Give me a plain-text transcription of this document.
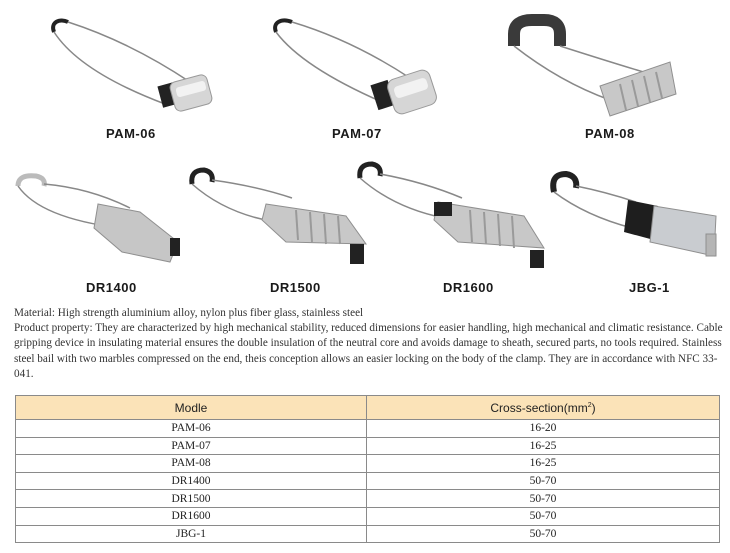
PAM-06	PAM-07	PAM-08
DR1400	DR1500	DR1600	JBG-1

Material: High strength aluminium alloy, nylon plus fiber glass, stainless steel

Product property: They are characterized by high mechanical stability, reduced dimensions for easier handling, high mechanical and climatic resistance. Cable gripping device in insulating material ensures the double insulation of the neutral core and avoids damage to sheath, secured parts, no tools required. Stainless steel bail with two marbles compressed on the end, theis conception allows an easier locking on the body of the clamp. They are in accordance with NFC 33-041.

Modle	Cross-$section(mm^2)$
PAM-06	16-20
PAM-07	16-25
PAM-08	16-25
DR1400	50-70
DR1500	50-70
DR1600	50-70
JBG-1	50-70
